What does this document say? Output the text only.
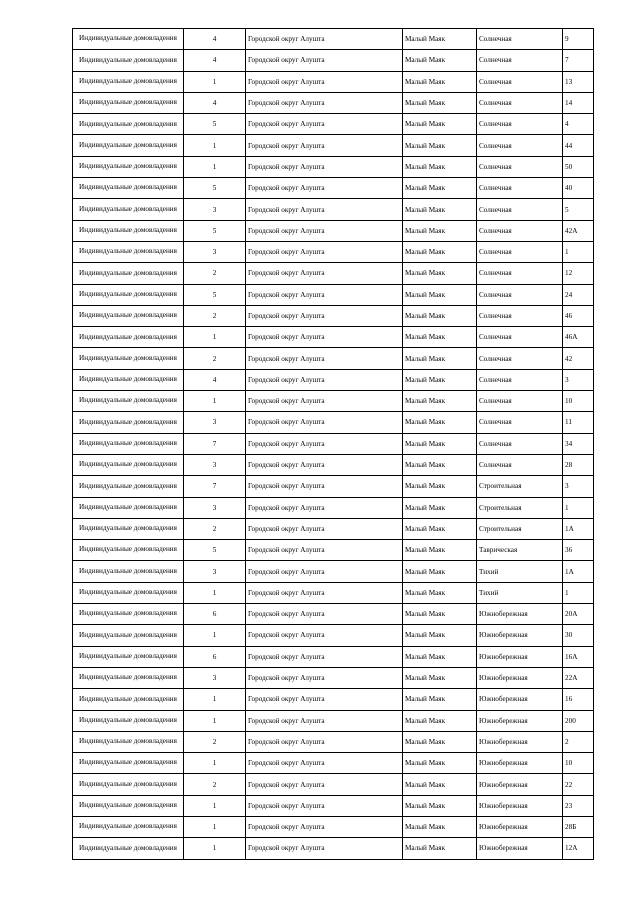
Индивидуальные домовладения	4	Городской округ Алушта	Малый Маяк	Солнечная	9
Индивидуальные домовладения	4	Городской округ Алушта	Малый Маяк	Солнечная	7
Индивидуальные домовладения	1	Городской округ Алушта	Малый Маяк	Солнечная	13
Индивидуальные домовладения	4	Городской округ Алушта	Малый Маяк	Солнечная	14
Индивидуальные домовладения	5	Городской округ Алушта	Малый Маяк	Солнечная	4
Индивидуальные домовладения	1	Городской округ Алушта	Малый Маяк	Солнечная	44
Индивидуальные домовладения	1	Городской округ Алушта	Малый Маяк	Солнечная	50
Индивидуальные домовладения	5	Городской округ Алушта	Малый Маяк	Солнечная	40
Индивидуальные домовладения	3	Городской округ Алушта	Малый Маяк	Солнечная	5
Индивидуальные домовладения	5	Городской округ Алушта	Малый Маяк	Солнечная	42А
Индивидуальные домовладения	3	Городской округ Алушта	Малый Маяк	Солнечная	1
Индивидуальные домовладения	2	Городской округ Алушта	Малый Маяк	Солнечная	12
Индивидуальные домовладения	5	Городской округ Алушта	Малый Маяк	Солнечная	24
Индивидуальные домовладения	2	Городской округ Алушта	Малый Маяк	Солнечная	46
Индивидуальные домовладения	1	Городской округ Алушта	Малый Маяк	Солнечная	46А
Индивидуальные домовладения	2	Городской округ Алушта	Малый Маяк	Солнечная	42
Индивидуальные домовладения	4	Городской округ Алушта	Малый Маяк	Солнечная	3
Индивидуальные домовладения	1	Городской округ Алушта	Малый Маяк	Солнечная	10
Индивидуальные домовладения	3	Городской округ Алушта	Малый Маяк	Солнечная	11
Индивидуальные домовладения	7	Городской округ Алушта	Малый Маяк	Солнечная	34
Индивидуальные домовладения	3	Городской округ Алушта	Малый Маяк	Солнечная	28
Индивидуальные домовладения	7	Городской округ Алушта	Малый Маяк	Строительная	3
Индивидуальные домовладения	3	Городской округ Алушта	Малый Маяк	Строительная	1
Индивидуальные домовладения	2	Городской округ Алушта	Малый Маяк	Строительная	1А
Индивидуальные домовладения	5	Городской округ Алушта	Малый Маяк	Таврическая	36
Индивидуальные домовладения	3	Городской округ Алушта	Малый Маяк	Тихий	1А
Индивидуальные домовладения	1	Городской округ Алушта	Малый Маяк	Тихий	1
Индивидуальные домовладения	6	Городской округ Алушта	Малый Маяк	Южнобережная	20А
Индивидуальные домовладения	1	Городской округ Алушта	Малый Маяк	Южнобережная	30
Индивидуальные домовладения	6	Городской округ Алушта	Малый Маяк	Южнобережная	16А
Индивидуальные домовладения	3	Городской округ Алушта	Малый Маяк	Южнобережная	22А
Индивидуальные домовладения	1	Городской округ Алушта	Малый Маяк	Южнобережная	16
Индивидуальные домовладения	1	Городской округ Алушта	Малый Маяк	Южнобережная	200
Индивидуальные домовладения	2	Городской округ Алушта	Малый Маяк	Южнобережная	2
Индивидуальные домовладения	1	Городской округ Алушта	Малый Маяк	Южнобережная	10
Индивидуальные домовладения	2	Городской округ Алушта	Малый Маяк	Южнобережная	22
Индивидуальные домовладения	1	Городской округ Алушта	Малый Маяк	Южнобережная	23
Индивидуальные домовладения	1	Городской округ Алушта	Малый Маяк	Южнобережная	28Б
Индивидуальные домовладения	1	Городской округ Алушта	Малый Маяк	Южнобережная	12А
